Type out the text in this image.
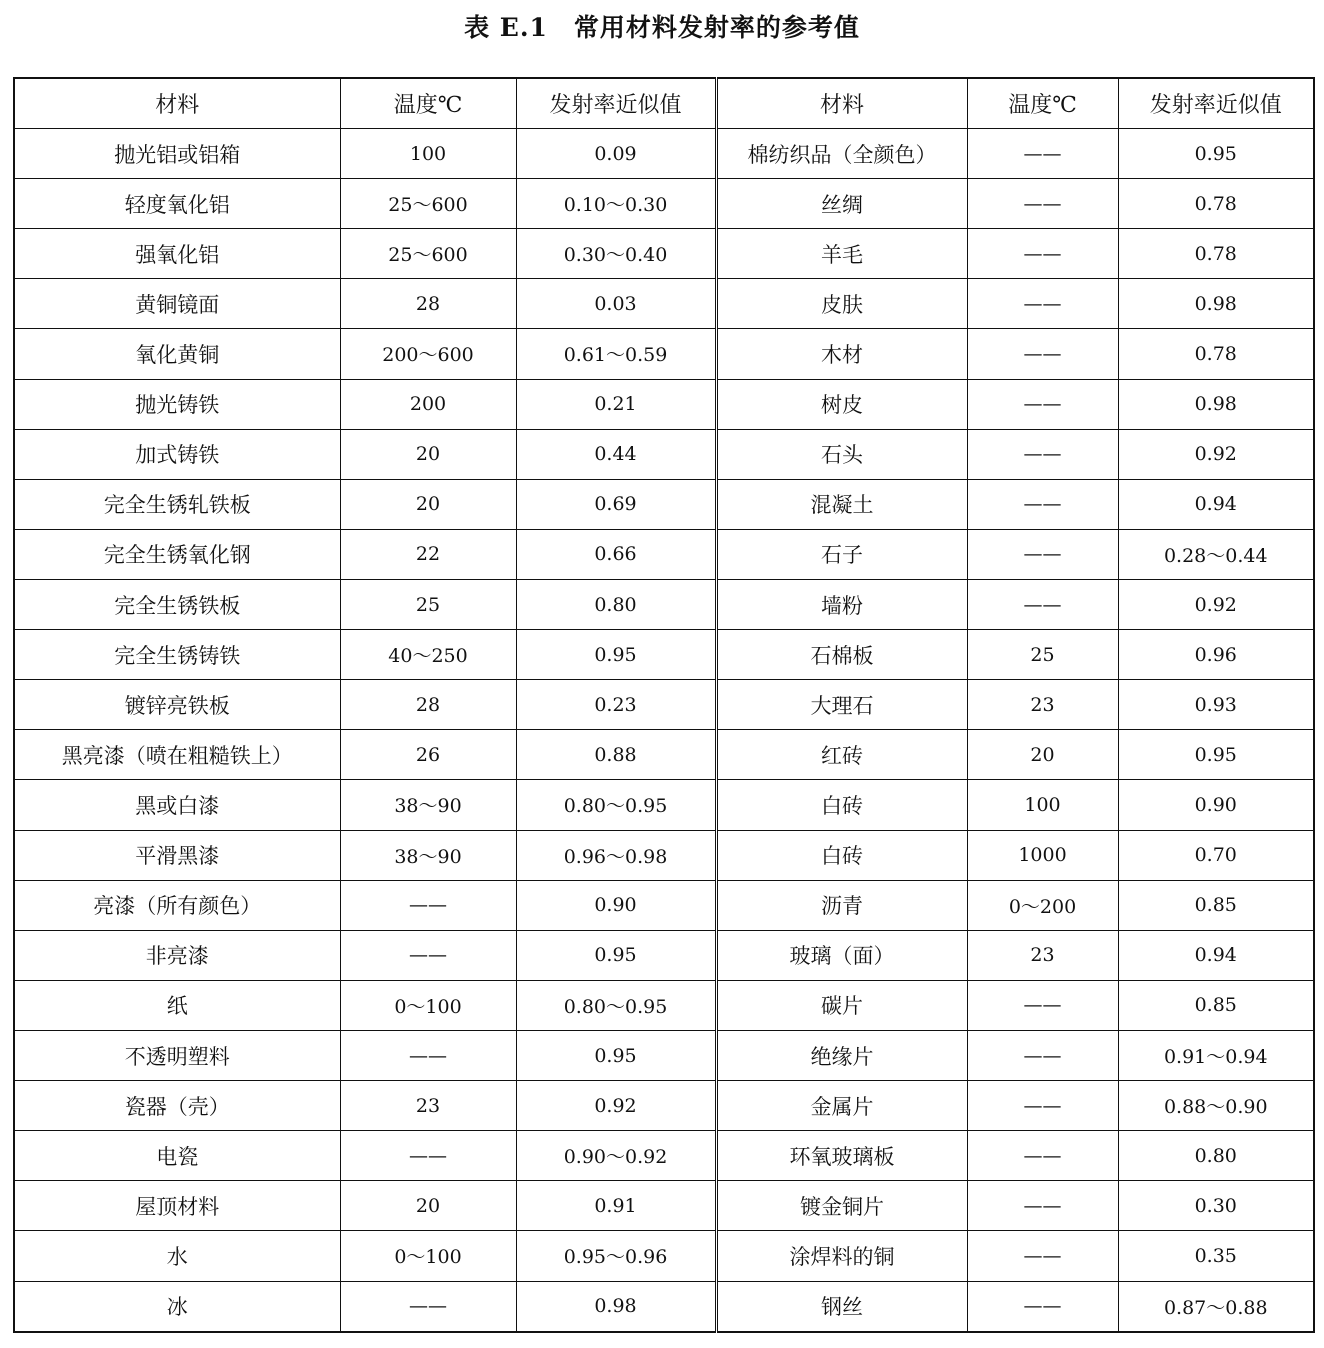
表 E.1 常用材料发射率的参考值
材料	温度℃	发射率近似值	材料	温度℃	发射率近似值
抛光铝或铝箱	100	0.09	棉纺织品（全颜色）	——	0.95
轻度氧化铝	25～600	0.10～0.30	丝绸	——	0.78
强氧化铝	25～600	0.30～0.40	羊毛	——	0.78
黄铜镜面	28	0.03	皮肤	——	0.98
氧化黄铜	200～600	0.61～0.59	木材	——	0.78
抛光铸铁	200	0.21	树皮	——	0.98
加式铸铁	20	0.44	石头	——	0.92
完全生锈轧铁板	20	0.69	混凝土	——	0.94
完全生锈氧化钢	22	0.66	石子	——	0.28～0.44
完全生锈铁板	25	0.80	墙粉	——	0.92
完全生锈铸铁	40～250	0.95	石棉板	25	0.96
镀锌亮铁板	28	0.23	大理石	23	0.93
黑亮漆（喷在粗糙铁上）	26	0.88	红砖	20	0.95
黑或白漆	38～90	0.80～0.95	白砖	100	0.90
平滑黑漆	38～90	0.96～0.98	白砖	1000	0.70
亮漆（所有颜色）	——	0.90	沥青	0～200	0.85
非亮漆	——	0.95	玻璃（面）	23	0.94
纸	0～100	0.80～0.95	碳片	——	0.85
不透明塑料	——	0.95	绝缘片	——	0.91～0.94
瓷器（壳）	23	0.92	金属片	——	0.88～0.90
电瓷	——	0.90～0.92	环氧玻璃板	——	0.80
屋顶材料	20	0.91	镀金铜片	——	0.30
水	0～100	0.95～0.96	涂焊料的铜	——	0.35
冰	——	0.98	钢丝	——	0.87～0.88
